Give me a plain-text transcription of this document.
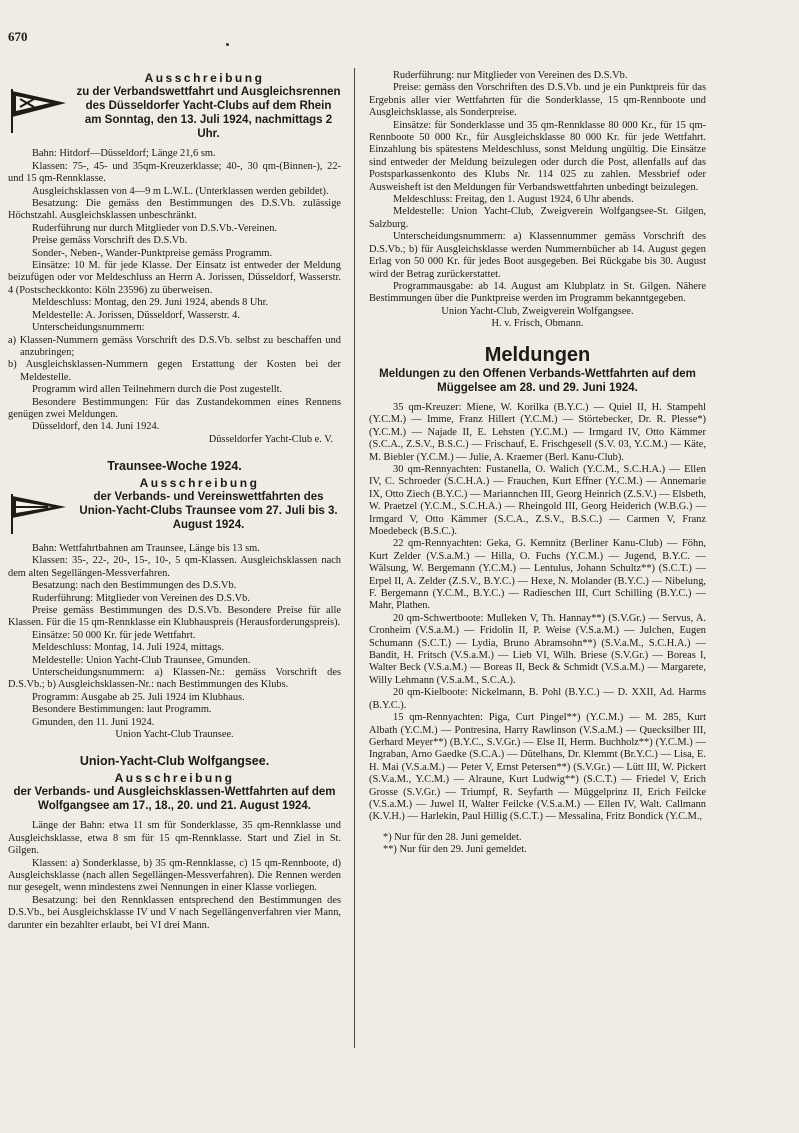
670
Ausschreibung
zu der Verbandswettfahrt und Ausgleichsrennen des Düsseldorfer Yacht-Clubs auf dem Rhein am Sonntag, den 13. Juli 1924, nachmittags 2 Uhr.

Bahn: Hitdorf—Düsseldorf; Länge 21,6 sm.

Klassen: 75-, 45- und 35qm-Kreuzerklasse; 40-, 30 qm-(Binnen-), 22- und 15 qm-Rennklasse.

Ausgleichsklassen von 4—9 m L.W.L. (Unterklassen werden gebildet).

Besatzung: Die gemäss den Bestimmungen des D.S.Vb. zulässige Höchstzahl. Ausgleichsklassen unbeschränkt.

Ruderführung nur durch Mitglieder von D.S.Vb.-Vereinen.

Preise gemäss Vorschrift des D.S.Vb.

Sonder-, Neben-, Wander-Punktpreise gemäss Programm.

Einsätze: 10 M. für jede Klasse. Der Einsatz ist entweder der Meldung beizufügen oder vor Meldeschluss an Herrn A. Jorissen, Düsseldorf, Wasserstr. 4 (Postscheckkonto: Köln 23596) zu überweisen.

Meldeschluss: Montag, den 29. Juni 1924, abends 8 Uhr.

Meldestelle: A. Jorissen, Düsseldorf, Wasserstr. 4.

Unterscheidungsnummern:

a) Klassen-Nummern gemäss Vorschrift des D.S.Vb. selbst zu beschaffen und anzubringen;

b) Ausgleichsklassen-Nummern gegen Erstattung der Kosten bei der Meldestelle.

Programm wird allen Teilnehmern durch die Post zugestellt.

Besondere Bestimmungen: Für das Zustandekommen eines Rennens genügen zwei Meldungen.

Düsseldorf, den 14. Juni 1924.

Düsseldorfer Yacht-Club e. V.

Traunsee-Woche 1924.
Ausschreibung
der Verbands- und Vereinswettfahrten des Union-Yacht-Clubs Traunsee vom 27. Juli bis 3. August 1924.

Bahn: Wettfahrtbahnen am Traunsee, Länge bis 13 sm.

Klassen: 35-, 22-, 20-, 15-, 10-, 5 qm-Klassen. Ausgleichsklassen nach dem alten Segellängen-Messverfahren.

Besatzung: nach den Bestimmungen des D.S.Vb.

Ruderführung: Mitglieder von Vereinen des D.S.Vb.

Preise gemäss Bestimmungen des D.S.Vb. Besondere Preise für alle Klassen. Für die 15 qm-Rennklasse ein Klubhauspreis (Herausforderungspreis).

Einsätze: 50 000 Kr. für jede Wettfahrt.

Meldeschluss: Montag, 14. Juli 1924, mittags.

Meldestelle: Union Yacht-Club Traunsee, Gmunden.

Unterscheidungsnummern: a) Klassen-Nr.: gemäss Vorschrift des D.S.Vb.; b) Ausgleichsklassen-Nr.: nach Bestimmungen des Klubs.

Programm: Ausgabe ab 25. Juli 1924 im Klubhaus.

Besondere Bestimmungen: laut Programm.

Gmunden, den 11. Juni 1924.

Union Yacht-Club Traunsee.

Union-Yacht-Club Wolfgangsee.
Ausschreibung
der Verbands- und Ausgleichsklassen-Wettfahrten auf dem Wolfgangsee am 17., 18., 20. und 21. August 1924.

Länge der Bahn: etwa 11 sm für Sonderklasse, 35 qm-Rennklasse und Ausgleichsklasse, etwa 8 sm für 15 qm-Rennklasse. Start und Ziel in St. Gilgen.

Klassen: a) Sonderklasse, b) 35 qm-Rennklasse, c) 15 qm-Rennboote, d) Ausgleichsklasse (nach allen Segellängen-Messverfahren). Die Rennen werden nur gesegelt, wenn mindestens zwei Nennungen in einer Klasse vorliegen.

Besatzung: bei den Rennklassen entsprechend den Bestimmungen des D.S.Vb., bei Ausgleichsklasse IV und V nach Segellängenverfahren vier Mann, darunter ein bezahlter erlaubt, bei VI drei Mann.

Ruderführung: nur Mitglieder von Vereinen des D.S.Vb.

Preise: gemäss den Vorschriften des D.S.Vb. und je ein Punktpreis für das Ergebnis aller vier Wettfahrten für die Sonderklasse, 15 qm-Rennboote und Ausgleichsklasse, als Sonderpreise.

Einsätze: für Sonderklasse und 35 qm-Rennklasse 80 000 Kr., für 15 qm-Rennboote 50 000 Kr., für Ausgleichsklasse 80 000 Kr. für jede Wettfahrt. Einzahlung bis spätestens Meldeschluss, sonst Meldung ungültig. Die Einsätze sind entweder der Meldung beizulegen oder durch die Post, allenfalls auf das Postsparkassenkonto des Klubs Nr. 114 025 zu zahlen. Messbrief oder Ausweisheft ist den Meldungen für Verbandswettfahrten unbedingt beizulegen.

Meldeschluss: Freitag, den 1. August 1924, 6 Uhr abends.

Meldestelle: Union Yacht-Club, Zweigverein Wolfgangsee-St. Gilgen, Salzburg.

Unterscheidungsnummern: a) Klassennummer gemäss Vorschrift des D.S.Vb.; b) für Ausgleichsklasse werden Nummernbücher ab 14. August gegen Erlag von 50 000 Kr. für jedes Boot ausgegeben. Bei Rückgabe bis 30. August wird der Betrag zurückerstattet.

Programmausgabe: ab 14. August am Klubplatz in St. Gilgen. Nähere Bestimmungen über die Punktpreise werden im Programm bekanntgegeben.

Union Yacht-Club, Zweigverein Wolfgangsee.

H. v. Frisch, Obmann.

Meldungen
Meldungen zu den Offenen Verbands-Wettfahrten auf dem Müggelsee am 28. und 29. Juni 1924.

35 qm-Kreuzer: Miene, W. Korilka (B.Y.C.) — Quiel II, H. Stampehl (Y.C.M.) — Imme, Franz Hillert (Y.C.M.) — Störtebecker, Dr. R. Plesse*) (Y.C.M.) — Najade II, E. Lehsten (Y.C.M.) — Irmgard IV, Otto Kämmer (S.C.A., Z.S.V., B.S.C.) — Frischauf, E. Frischgesell (S.V. 03, Y.C.M.) — Käte, M. Biebler (Y.C.M.) — Julie, A. Kraemer (Berl. Kanu-Club).

30 qm-Rennyachten: Fustanella, O. Walich (Y.C.M., S.C.H.A.) — Ellen IV, C. Schroeder (S.C.H.A.) — Frauchen, Kurt Effner (Y.C.M.) — Annemarie IX, Otto Ziech (B.Y.C.) — Mariannchen III, Georg Heinrich (Z.S.V.) — Elsbeth, W. Praetzel (Y.C.M., S.C.H.A.) — Rheingold III, Georg Heiderich (W.B.G.) — Irmgard V, Otto Kämmer (S.C.A., Z.S.V., B.S.C.) — Carmen V, Franz Moedebeck (B.S.C.).

22 qm-Rennyachten: Geka, G. Kemnitz (Berliner Kanu-Club) — Föhn, Kurt Zelder (V.S.a.M.) — Hilla, O. Fuchs (Y.C.M.) — Jugend, B.Y.C. — Wälsung, W. Bergemann (Y.C.M.) — Lentulus, Johann Schultz**) (S.C.T.) — Erpel II, A. Zelder (Z.S.V., B.Y.C.) — Hexe, N. Molander (B.Y.C.) — Nibelung, F. Bergemann (Y.C.M., B.Y.C.) — Radieschen III, Curt Schilling (B.Y.C.) — Mahr, Plathen.

20 qm-Schwertboote: Mulleken V, Th. Hannay**) (S.V.Gr.) — Servus, A. Cronheim (V.S.a.M.) — Fridolin II, P. Weise (V.S.a.M.) — Julchen, Eugen Schumann (S.C.T.) — Lydia, Bruno Abramsohn**) (S.V.a.M., S.C.H.A.) — Bandit, H. Fritsch (V.S.a.M.) — Lieb VI, Wilh. Briese (S.V.Gr.) — Boreas I, Walter Beck (V.S.a.M.) — Boreas II, Beck & Schmidt (V.S.a.M.) — Margarete, Willy Lehmann (V.S.a.M., S.C.A.).

20 qm-Kielboote: Nickelmann, B. Pohl (B.Y.C.) — D. XXII, Ad. Harms (B.Y.C.).

15 qm-Rennyachten: Piga, Curt Pingel**) (Y.C.M.) — M. 285, Kurt Albath (Y.C.M.) — Pontresina, Harry Rawlinson (V.S.a.M.) — Quecksilber III, Gerhard Meyer**) (B.Y.C., S.V.Gr.) — Else II, Herm. Buchholz**) (Y.C.M.) — Ingraban, Arno Gaedke (S.C.A.) — Dütelhans, Dr. Klemmt (Br.Y.C.) — Lisa, E. H. Mai (V.S.a.M.) — Peter V, Ernst Petersen**) (S.V.Gr.) — Lütt III, W. Pickert (S.V.a.M., Y.C.M.) — Alraune, Kurt Ludwig**) (S.C.T.) — Friedel V, Erich Grosse (S.V.Gr.) — Triumpf, R. Seyfarth — Müggelprinz II, Erich Feilcke (V.S.a.M.) — Juwel II, Walter Feilcke (V.S.a.M.) — Ellen IV, Walt. Callmann (K.V.H.) — Harlekin, Paul Hillig (S.C.T.) — Messalina, Fritz Bondick (Y.C.M.,

*) Nur für den 28. Juni gemeldet.

**) Nur für den 29. Juni gemeldet.
